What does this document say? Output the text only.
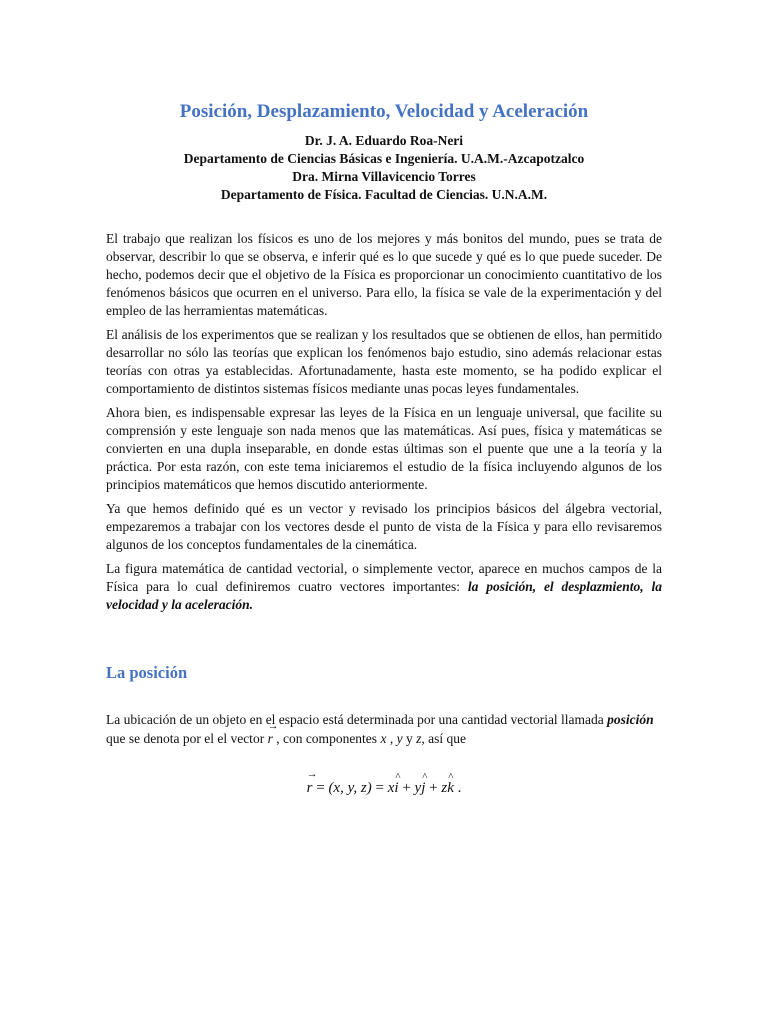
Posición, Desplazamiento, Velocidad y Aceleración
Dr. J. A. Eduardo Roa-Neri
Departamento de Ciencias Básicas e Ingeniería. U.A.M.-Azcapotzalco
Dra. Mirna Villavicencio Torres
Departamento de Física. Facultad de Ciencias. U.N.A.M.

El trabajo que realizan los físicos es uno de los mejores y más bonitos del mundo, pues se trata de observar, describir lo que se observa, e inferir qué es lo que sucede y qué es lo que puede suceder. De hecho, podemos decir que el objetivo de la Física es proporcionar un conocimiento cuantitativo de los fenómenos básicos que ocurren en el universo. Para ello, la física se vale de la experimentación y del empleo de las herramientas matemáticas.

El análisis de los experimentos que se realizan y los resultados que se obtienen de ellos, han permitido desarrollar no sólo las teorías que explican los fenómenos bajo estudio, sino además relacionar estas teorías con otras ya establecidas. Afortunadamente, hasta este momento, se ha podido explicar el comportamiento de distintos sistemas físicos mediante unas pocas leyes fundamentales.

Ahora bien, es indispensable expresar las leyes de la Física en un lenguaje universal, que facilite su comprensión y este lenguaje son nada menos que las matemáticas. Así pues, física y matemáticas se convierten en una dupla inseparable, en donde estas últimas son el puente que une a la teoría y la práctica. Por esta razón, con este tema iniciaremos el estudio de la física incluyendo algunos de los principios matemáticos que hemos discutido anteriormente.

Ya que hemos definido qué es un vector y revisado los principios básicos del álgebra vectorial, empezaremos a trabajar con los vectores desde el punto de vista de la Física y para ello revisaremos algunos de los conceptos fundamentales de la cinemática.

La figura matemática de cantidad vectorial, o simplemente vector, aparece en muchos campos de la Física para lo cual definiremos cuatro vectores importantes: la posición, el desplazmiento, la velocidad y la aceleración.

La posición
La ubicación de un objeto en el espacio está determinada por una cantidad vectorial llamada posición que se denota por el el vector → r , con componentes x , y y z, así que
→ r = (x, y, z) = x^ i + y^ j + z^ k .
